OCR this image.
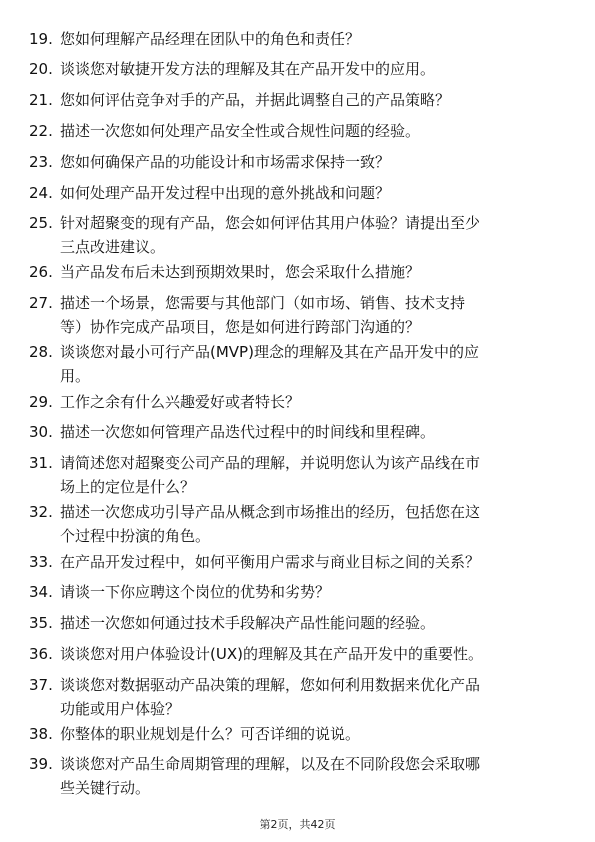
19. 您如何理解产品经理在团队中的角色和责任？
20. 谈谈您对敏捷开发方法的理解及其在产品开发中的应用。
21. 您如何评估竞争对手的产品，并据此调整自己的产品策略？
22. 描述一次您如何处理产品安全性或合规性问题的经验。
23. 您如何确保产品的功能设计和市场需求保持一致？
24. 如何处理产品开发过程中出现的意外挑战和问题？
25. 针对超聚变的现有产品，您会如何评估其用户体验？请提出至少
三点改进建议。
26. 当产品发布后未达到预期效果时，您会采取什么措施？
27. 描述一个场景，您需要与其他部门（如市场、销售、技术支持
等）协作完成产品项目，您是如何进行跨部门沟通的？
28. 谈谈您对最小可行产品(MVP)理念的理解及其在产品开发中的应
用。
29. 工作之余有什么兴趣爱好或者特长？
30. 描述一次您如何管理产品迭代过程中的时间线和里程碑。
31. 请简述您对超聚变公司产品的理解，并说明您认为该产品线在市
场上的定位是什么？
32. 描述一次您成功引导产品从概念到市场推出的经历，包括您在这
个过程中扮演的角色。
33. 在产品开发过程中，如何平衡用户需求与商业目标之间的关系？
34. 请谈一下你应聘这个岗位的优势和劣势？
35. 描述一次您如何通过技术手段解决产品性能问题的经验。
36. 谈谈您对用户体验设计(UX)的理解及其在产品开发中的重要性。
37. 谈谈您对数据驱动产品决策的理解，您如何利用数据来优化产品
功能或用户体验？
38. 你整体的职业规划是什么？可否详细的说说。
39. 谈谈您对产品生命周期管理的理解，以及在不同阶段您会采取哪
些关键行动。
第2页，共42页
